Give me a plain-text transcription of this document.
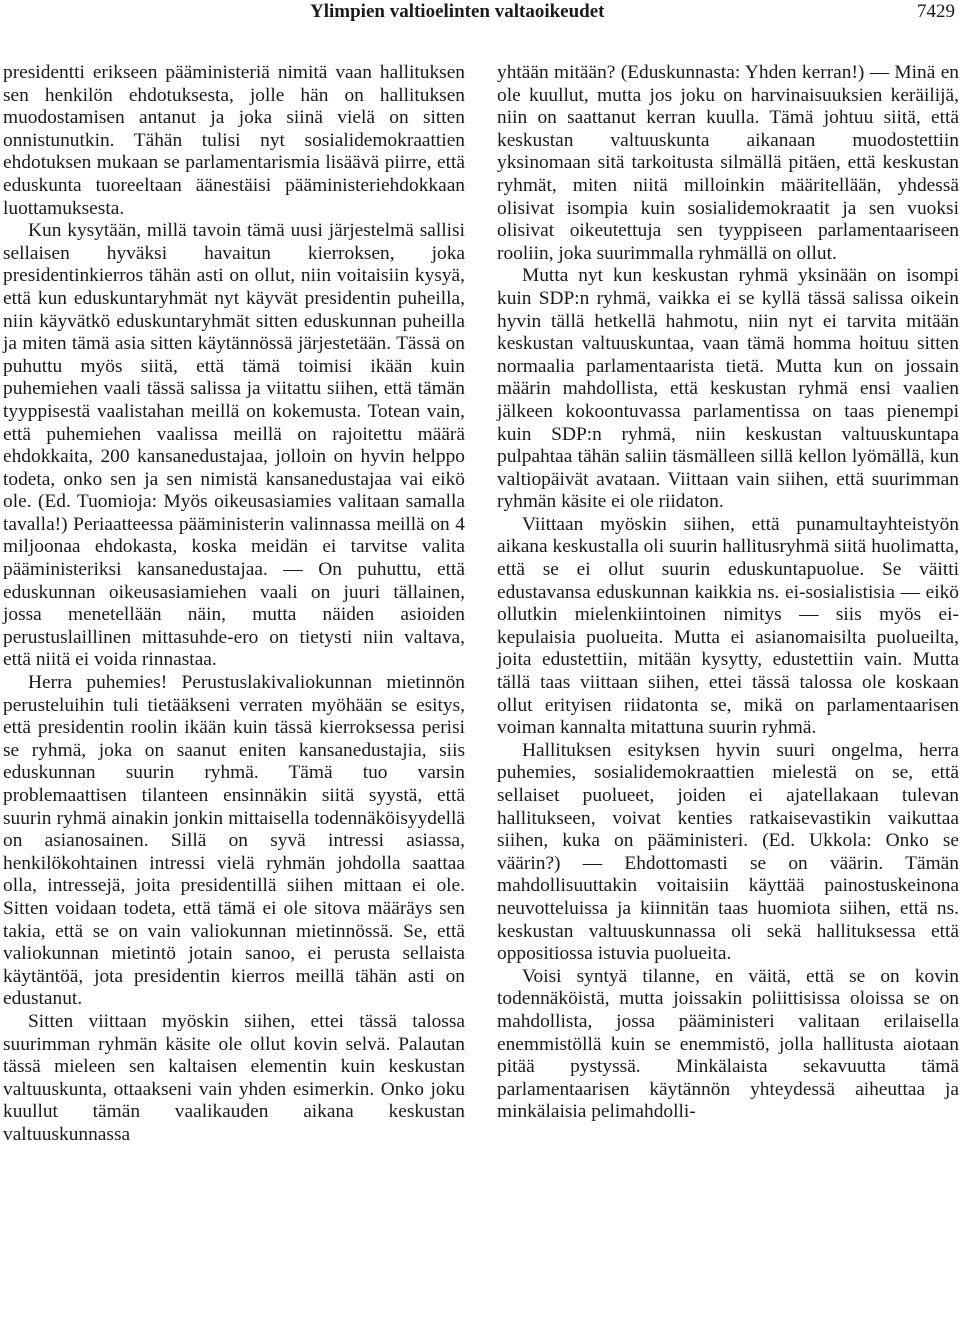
Ylimpien valtioelinten valtaoikeudet	7429

presidentti erikseen pääministeriä nimitä vaan hallituksen sen henkilön ehdotuksesta, jolle hän on hallituksen muodostamisen antanut ja joka siinä vielä on sitten onnistunutkin. Tähän tulisi nyt sosialidemokraattien ehdotuksen mukaan se parlamentarismia lisäävä piirre, että eduskunta tuoreeltaan äänestäisi pääministeriehdokkaan luottamuksesta.

Kun kysytään, millä tavoin tämä uusi järjestelmä sallisi sellaisen hyväksi havaitun kierroksen, joka presidentinkierros tähän asti on ollut, niin voitaisiin kysyä, että kun eduskuntaryhmät nyt käyvät presidentin puheilla, niin käyvätkö eduskuntaryhmät sitten eduskunnan puheilla ja miten tämä asia sitten käytännössä järjestetään. Tässä on puhuttu myös siitä, että tämä toimisi ikään kuin puhemiehen vaali tässä salissa ja viitattu siihen, että tämän tyyppisestä vaalistahan meillä on kokemusta. Totean vain, että puhemiehen vaalissa meillä on rajoitettu määrä ehdokkaita, 200 kansanedustajaa, jolloin on hyvin helppo todeta, onko sen ja sen nimistä kansanedustajaa vai eikö ole. (Ed. Tuomioja: Myös oikeusasiamies valitaan samalla tavalla!) Periaatteessa pääministerin valinnassa meillä on 4 miljoonaa ehdokasta, koska meidän ei tarvitse valita pääministeriksi kansanedustajaa. — On puhuttu, että eduskunnan oikeusasiamiehen vaali on juuri tällainen, jossa menetellään näin, mutta näiden asioiden perustuslaillinen mittasuhde-ero on tietysti niin valtava, että niitä ei voida rinnastaa.

Herra puhemies! Perustuslakivaliokunnan mietinnön perusteluihin tuli tietääkseni verraten myöhään se esitys, että presidentin roolin ikään kuin tässä kierroksessa perisi se ryhmä, joka on saanut eniten kansanedustajia, siis eduskunnan suurin ryhmä. Tämä tuo varsin problemaattisen tilanteen ensinnäkin siitä syystä, että suurin ryhmä ainakin jonkin mittaisella todennäköisyydellä on asianosainen. Sillä on syvä intressi asiassa, henkilökohtainen intressi vielä ryhmän johdolla saattaa olla, intressejä, joita presidentillä siihen mittaan ei ole. Sitten voidaan todeta, että tämä ei ole sitova määräys sen takia, että se on vain valiokunnan mietinnössä. Se, että valiokunnan mietintö jotain sanoo, ei perusta sellaista käytäntöä, jota presidentin kierros meillä tähän asti on edustanut.

Sitten viittaan myöskin siihen, ettei tässä talossa suurimman ryhmän käsite ole ollut kovin selvä. Palautan tässä mieleen sen kaltaisen elementin kuin keskustan valtuuskunta, ottaakseni vain yhden esimerkin. Onko joku kuullut tämän vaalikauden aikana keskustan valtuuskunnassa

yhtään mitään? (Eduskunnasta: Yhden kerran!) — Minä en ole kuullut, mutta jos joku on harvinaisuuksien keräilijä, niin on saattanut kerran kuulla. Tämä johtuu siitä, että keskustan valtuuskunta aikanaan muodostettiin yksinomaan sitä tarkoitusta silmällä pitäen, että keskustan ryhmät, miten niitä milloinkin määritellään, yhdessä olisivat isompia kuin sosialidemokraatit ja sen vuoksi olisivat oikeutettuja sen tyyppiseen parlamentaariseen rooliin, joka suurimmalla ryhmällä on ollut.

Mutta nyt kun keskustan ryhmä yksinään on isompi kuin SDP:n ryhmä, vaikka ei se kyllä tässä salissa oikein hyvin tällä hetkellä hahmotu, niin nyt ei tarvita mitään keskustan valtuuskuntaa, vaan tämä homma hoituu sitten normaalia parlamentaarista tietä. Mutta kun on jossain määrin mahdollista, että keskustan ryhmä ensi vaalien jälkeen kokoontuvassa parlamentissa on taas pienempi kuin SDP:n ryhmä, niin keskustan valtuuskuntapa pulpahtaa tähän saliin täsmälleen sillä kellon lyömällä, kun valtiopäivät avataan. Viittaan vain siihen, että suurimman ryhmän käsite ei ole riidaton.

Viittaan myöskin siihen, että punamultayhteistyön aikana keskustalla oli suurin hallitusryhmä siitä huolimatta, että se ei ollut suurin eduskuntapuolue. Se väitti edustavansa eduskunnan kaikkia ns. ei-sosialistisia — eikö ollutkin mielenkiintoinen nimitys — siis myös ei-kepulaisia puolueita. Mutta ei asianomaisilta puolueilta, joita edustettiin, mitään kysytty, edustettiin vain. Mutta tällä taas viittaan siihen, ettei tässä talossa ole koskaan ollut erityisen riidatonta se, mikä on parlamentaarisen voiman kannalta mitattuna suurin ryhmä.

Hallituksen esityksen hyvin suuri ongelma, herra puhemies, sosialidemokraattien mielestä on se, että sellaiset puolueet, joiden ei ajatellakaan tulevan hallitukseen, voivat kenties ratkaisevastikin vaikuttaa siihen, kuka on pääministeri. (Ed. Ukkola: Onko se väärin?) — Ehdottomasti se on väärin. Tämän mahdollisuuttakin voitaisiin käyttää painostuskeinona neuvotteluissa ja kiinnitän taas huomiota siihen, että ns. keskustan valtuuskunnassa oli sekä hallituksessa että oppositiossa istuvia puolueita.

Voisi syntyä tilanne, en väitä, että se on kovin todennäköistä, mutta joissakin poliittisissa oloissa se on mahdollista, jossa pääministeri valitaan erilaisella enemmistöllä kuin se enemmistö, jolla hallitusta aiotaan pitää pystyssä. Minkälaista sekavuutta tämä parlamentaarisen käytännön yhteydessä aiheuttaa ja minkälaisia pelimahdolli-
